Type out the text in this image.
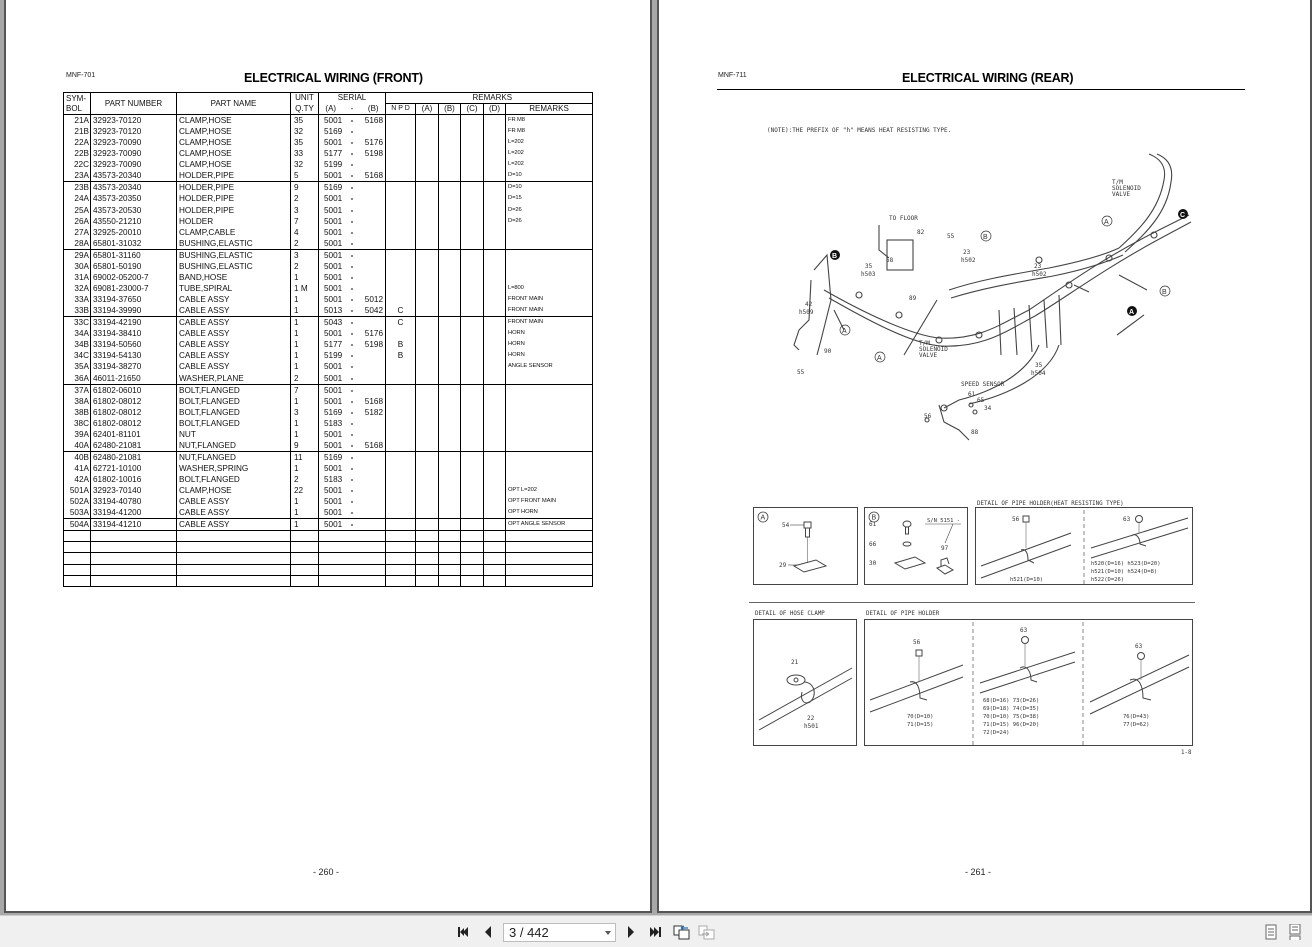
MNF-701	ELECTRICAL WIRING (FRONT)
SYM-
BOL	PART NUMBER	PART NAME	UNIT	SERIAL			REMARKS					
			Q.TY	(A)	-	(B)	N P D	(A)	(B)	(C)	(D)	REMARKS
21A	32923-70120	CLAMP,HOSE	35	5001	-	5168						FR M8
21B	32923-70120	CLAMP,HOSE	32	5169	-							FR M8
22A	32923-70090	CLAMP,HOSE	35	5001	-	5176						L=202
22B	32923-70090	CLAMP,HOSE	33	5177	-	5198						L=202
22C	32923-70090	CLAMP,HOSE	32	5199	-							L=202
23A	43573-20340	HOLDER,PIPE	5	5001	-	5168						D=10
23B	43573-20340	HOLDER,PIPE	9	5169	-							D=10
24A	43573-20350	HOLDER,PIPE	2	5001	-							D=15
25A	43573-20530	HOLDER,PIPE	3	5001	-							D=26
26A	43550-21210	HOLDER	7	5001	-							D=26
27A	32925-20010	CLAMP,CABLE	4	5001	-							
28A	65801-31032	BUSHING,ELASTIC	2	5001	-							
29A	65801-31160	BUSHING,ELASTIC	3	5001	-							
30A	65801-50190	BUSHING,ELASTIC	2	5001	-							
31A	69002-05200-7	BAND,HOSE	1	5001	-							
32A	69081-23000-7	TUBE,SPIRAL	1 M	5001	-							L=800
33A	33194-37650	CABLE ASSY	1	5001	-	5012						FRONT MAIN
33B	33194-39990	CABLE ASSY	1	5013	-	5042	C					FRONT MAIN
33C	33194-42190	CABLE ASSY	1	5043	-		C					FRONT MAIN
34A	33194-38410	CABLE ASSY	1	5001	-	5176						HORN
34B	33194-50560	CABLE ASSY	1	5177	-	5198	B					HORN
34C	33194-54130	CABLE ASSY	1	5199	-		B					HORN
35A	33194-38270	CABLE ASSY	1	5001	-							ANGLE SENSOR
36A	46011-21650	WASHER,PLANE	2	5001	-							
37A	61802-06010	BOLT,FLANGED	7	5001	-							
38A	61802-08012	BOLT,FLANGED	1	5001	-	5168						
38B	61802-08012	BOLT,FLANGED	3	5169	-	5182						
38C	61802-08012	BOLT,FLANGED	1	5183	-							
39A	62401-81101	NUT	1	5001	-							
40A	62480-21081	NUT,FLANGED	9	5001	-	5168						
40B	62480-21081	NUT,FLANGED	11	5169	-							
41A	62721-10100	WASHER,SPRING	1	5001	-							
42A	61802-10016	BOLT,FLANGED	2	5183	-							
501A	32923-70140	CLAMP,HOSE	22	5001	-							OPT L=202
502A	33194-40780	CABLE ASSY	1	5001	-							OPT FRONT MAIN
503A	33194-41200	CABLE ASSY	1	5001	-							OPT HORN
504A	33194-41210	CABLE ASSY	1	5001	-							OPT ANGLE SENSOR

- 260 -
MNF-711	ELECTRICAL WIRING (REAR)
(NOTE):THE PREFIX OF "h" MEANS HEAT RESISTING TYPE.
T/M
SOLENOID
VALVE
TO FLOOR
T/M
SOLENOID
VALVE
SPEED SENSOR
82
55
23
h502
23
h502
58
35
h503
89
42
h509
90
55
35
h504
61
65
34
56
88
C
B
A
A
B
B
A
A
DETAIL OF PIPE HOLDER(HEAT RESISTING TYPE)
A
54
29
B
61
66
30
S/N 5151 -
97
56
h521(D=10)
63
h520(D=16) h523(D=20)
h521(D=10) h524(D=8)
h522(D=26)
DETAIL OF HOSE CLAMP	DETAIL OF PIPE HOLDER
21
22
h501
56
70(D=10)
71(D=15)
63
68(D=16) 73(D=26)
69(D=18) 74(D=35)
70(D=10) 75(D=38)
71(D=15) 96(D=20)
72(D=24)
63
76(D=43)
77(D=62)
1-8
- 261 -
3 / 442
